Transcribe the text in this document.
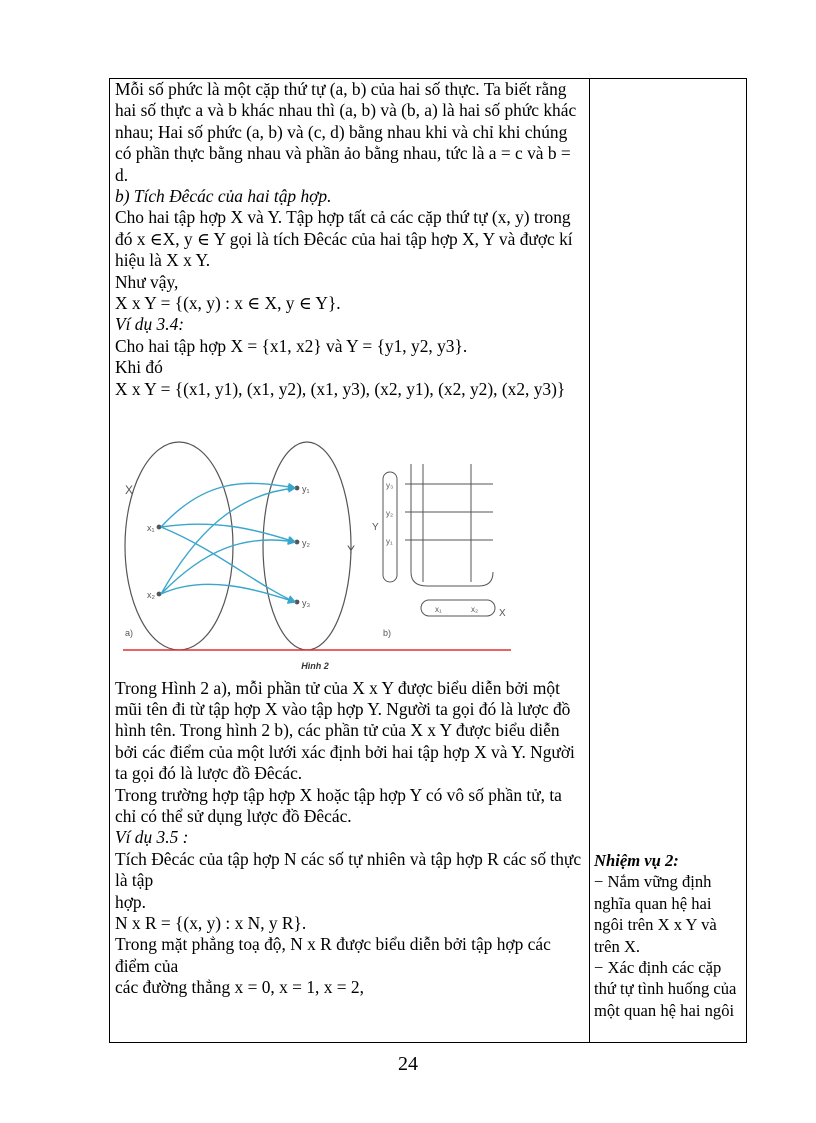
Mỗi số phức là một cặp thứ tự (a, b) của hai số thực. Ta biết rằng hai số thực a và b khác nhau thì (a, b) và (b, a) là hai số phức khác nhau; Hai số phức (a, b) và (c, d) bằng nhau khi và chỉ khi chúng có phần thực bằng nhau và phần ảo bằng nhau, tức là a = c và b = d.

b) Tích Đêcác của hai tập hợp.

Cho hai tập hợp X và Y. Tập hợp tất cả các cặp thứ tự (x, y) trong đó x ∈X, y ∈ Y gọi là tích Đêcác của hai tập hợp X, Y và được kí hiệu là X x Y.

Như vậy,

X x Y = {(x, y) : x ∈ X, y ∈ Y}.

Ví dụ 3.4:

Cho hai tập hợp X = {x1, x2} và Y = {y1, y2, y3}.

Khi đó

X x Y = {(x1, y1), (x1, y2), (x1, y3), (x2, y1), (x2, y2), (x2, y3)}

X
Y
x₁
x₂
y₁
y₂
y₃
a)
Y
y₃
y₂
y₁
x₁	x₂ X
b)
Hình 2

Trong Hình 2 a), mỗi phần tử của X x Y được biểu diễn bởi một mũi tên đi từ tập hợp X vào tập hợp Y. Người ta gọi đó là lược đồ hình tên. Trong hình 2 b), các phần tử của X x Y được biểu diễn bởi các điểm của một lưới xác định bởi hai tập hợp X và Y. Người ta gọi đó là lược đồ Đêcác.

Trong trường hợp tập hợp X hoặc tập hợp Y có vô số phần tử, ta chỉ có thể sử dụng lược đồ Đêcác.

Ví dụ 3.5 :

Tích Đêcác của tập hợp N các số tự nhiên và tập hợp R các số thực là tập

hợp.

N x R = {(x, y) : x N, y R}.

Trong mặt phẳng toạ độ, N x R được biểu diễn bởi tập hợp các điểm của

các đường thẳng x = 0, x = 1, x = 2,

Nhiệm vụ 2:

− Nắm vững định nghĩa quan hệ hai ngôi trên X x Y và trên X.

− Xác định các cặp thứ tự tình huống của một quan hệ hai ngôi

24
